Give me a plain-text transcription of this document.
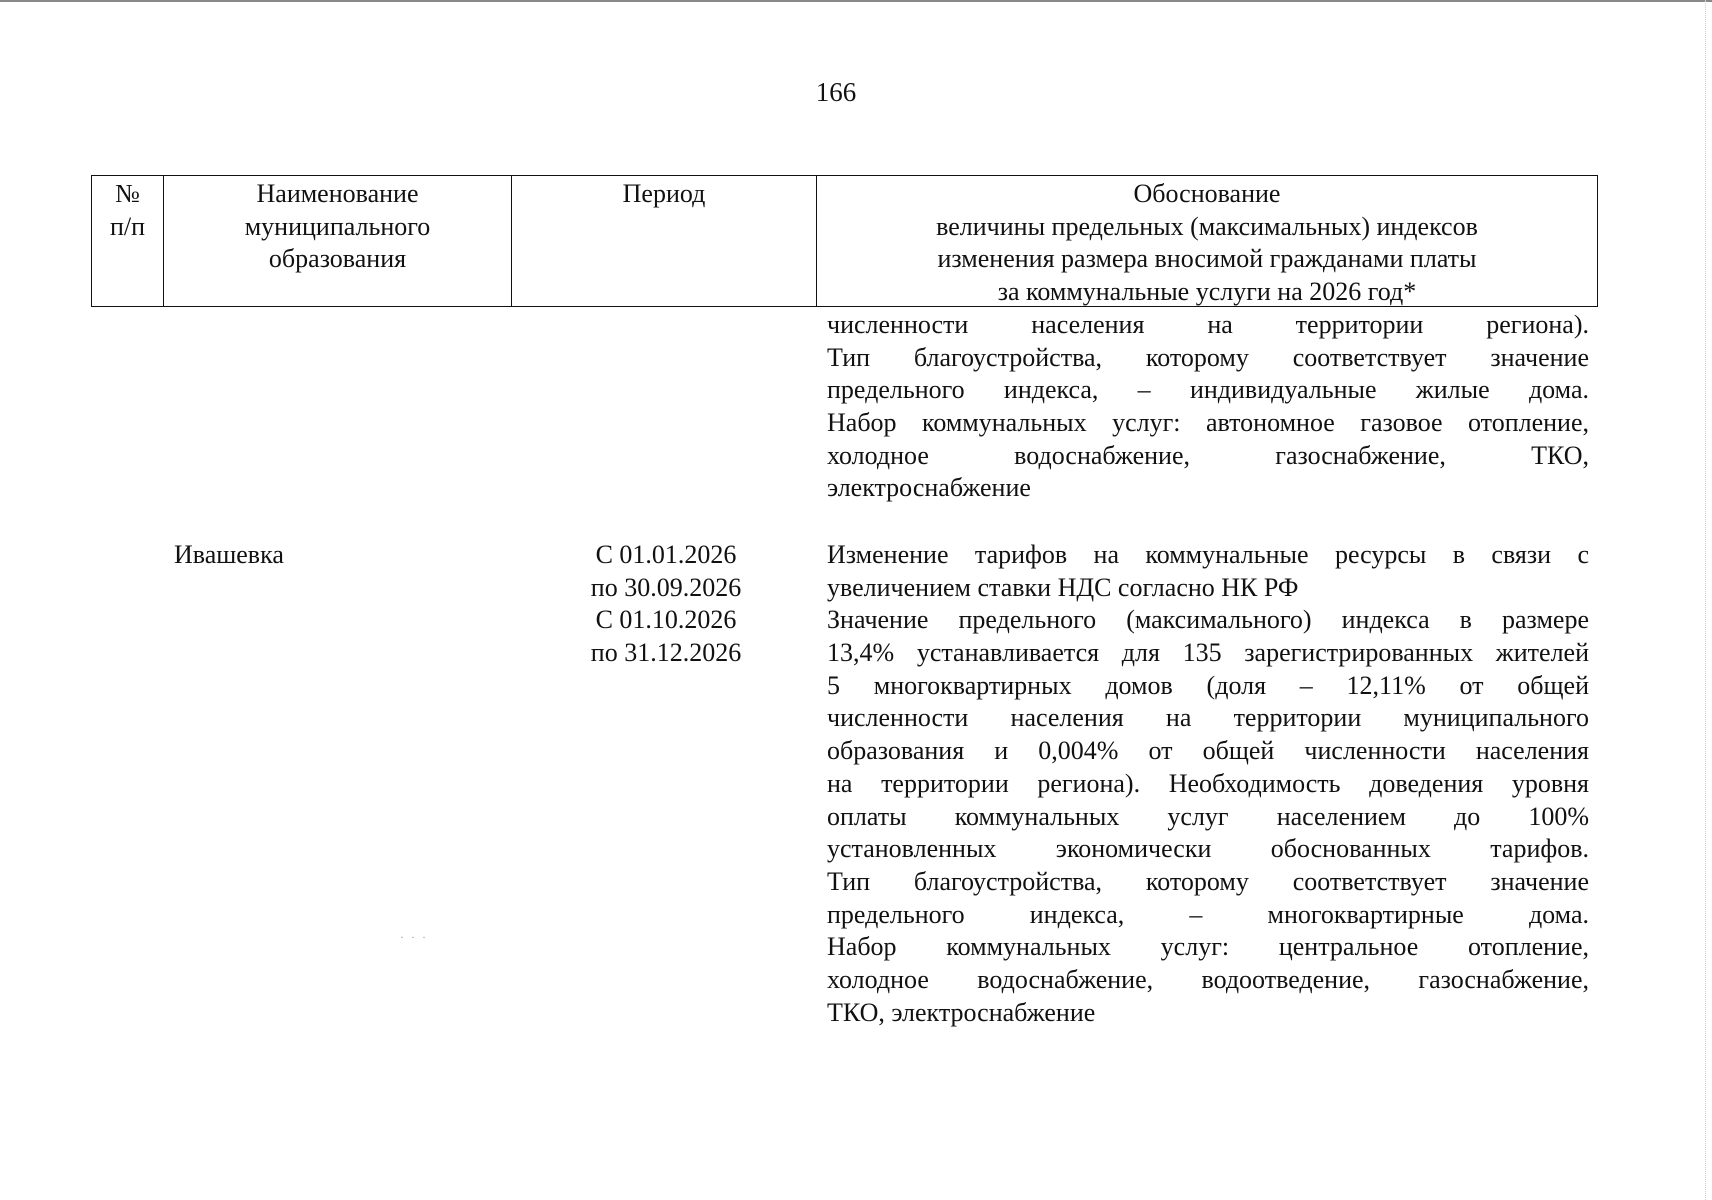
166
№
п/п
Наименование
муниципального
образования
Период	Обоснование
величины предельных (максимальных) индексов
изменения размера вносимой гражданами платы
за коммунальные услуги на 2026 год*
численности населения на территории региона).
Тип благоустройства, которому соответствует значение
предельного индекса, – индивидуальные жилые дома.
Набор коммунальных услуг: автономное газовое отопление,
холодное водоснабжение, газоснабжение, ТКО,
электроснабжение
Ивашевка	С 01.01.2026
по 30.09.2026
С 01.10.2026
по 31.12.2026
Изменение тарифов на коммунальные ресурсы в связи с
увеличением ставки НДС согласно НК РФ
Значение предельного (максимального) индекса в размере
13,4% устанавливается для 135 зарегистрированных жителей
5 многоквартирных домов (доля – 12,11% от общей
численности населения на территории муниципального
образования и 0,004% от общей численности населения
на территории региона). Необходимость доведения уровня
оплаты коммунальных услуг населением до 100%
установленных экономически обоснованных тарифов.
Тип благоустройства, которому соответствует значение
предельного индекса, – многоквартирные дома.
Набор коммунальных услуг: центральное отопление,
холодное водоснабжение, водоотведение, газоснабжение,
ТКО, электроснабжение
· · ·
